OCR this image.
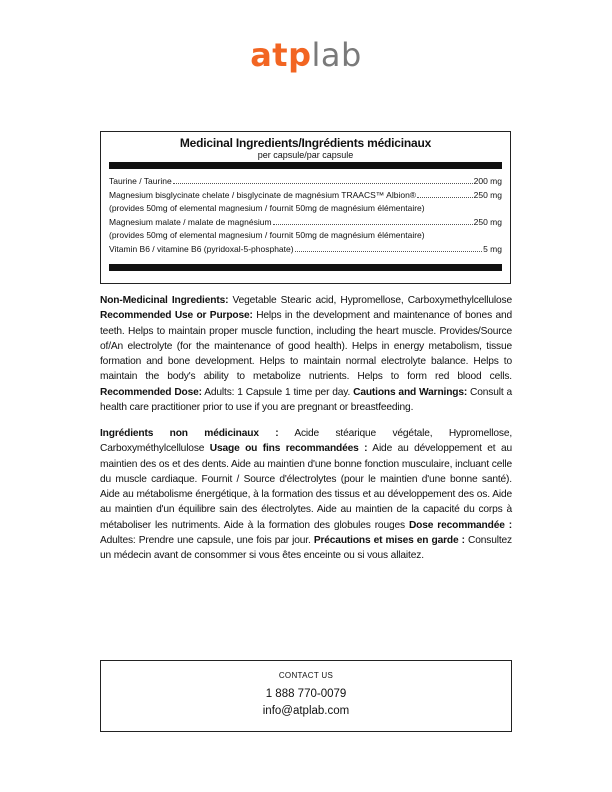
atplab
Medicinal Ingredients/Ingrédients médicinaux
per capsule/par capsule
Taurine / Taurine	200 mg
Magnesium bisglycinate chelate / bisglycinate de magnésium TRAACS™ Albion®	250 mg
(provides 50mg of elemental magnesium / fournit 50mg de magnésium élémentaire)
Magnesium malate / malate de magnésium	250 mg
(provides 50mg of elemental magnesium / fournit 50mg de magnésium élémentaire)
Vitamin B6 / vitamine B6 (pyridoxal-5-phosphate)	5 mg

Non-Medicinal Ingredients: Vegetable Stearic acid, Hypromellose, Carboxymethylcellulose Recommended Use or Purpose: Helps in the development and maintenance of bones and teeth. Helps to maintain proper muscle function, including the heart muscle. Provides/Source of/An electrolyte (for the maintenance of good health). Helps in energy metabolism, tissue formation and bone development. Helps to maintain normal electrolyte balance. Helps to maintain the body's ability to metabolize nutrients. Helps to form red blood cells. Recommended Dose: Adults: 1 Capsule 1 time per day. Cautions and Warnings: Consult a health care practitioner prior to use if you are pregnant or breastfeeding.

Ingrédients non médicinaux : Acide stéarique végétale, Hypromellose, Carboxyméthylcellulose Usage ou fins recommandées : Aide au développement et au maintien des os et des dents. Aide au maintien d'une bonne fonction musculaire, incluant celle du muscle cardiaque. Fournit / Source d'électrolytes (pour le maintien d'une bonne santé). Aide au métabolisme énergétique, à la formation des tissus et au développement des os. Aide au maintien d'un équilibre sain des électrolytes. Aide au maintien de la capacité du corps à métaboliser les nutriments. Aide à la formation des globules rouges Dose recommandée : Adultes: Prendre une capsule, une fois par jour. Précautions et mises en garde : Consultez un médecin avant de consommer si vous êtes enceinte ou si vous allaitez.

CONTACT US
1 888 770-0079
info@atplab.com
